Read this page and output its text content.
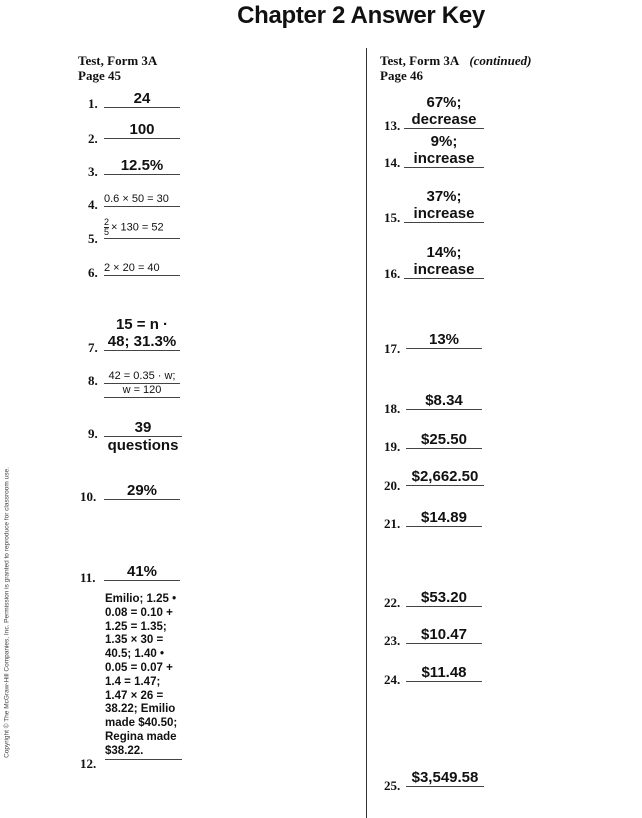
Chapter 2 Answer Key
Test, Form 3A
Page 45
Test, Form 3A (continued)
Page 46
Copyright © The McGraw-Hill Companies, Inc. Permission is granted to reproduce for classroom use.
1.	24
2.
100
3.	12.5%
4. 0.6 × 50 = 30
5.
$\frac{2}{5} \times 130 = 52$
6. 2 × 20 = 40
7.
15 = n ·
48; 31.3%
8. 42 = 0.35 · w;
w = 120
9.	39
questions
10.	29%
11.	41%
12.
Emilio; 1.25 •
0.08 = 0.10 +
1.25 = 1.35;
1.35 × 30 =
40.5; 1.40 •
0.05 = 0.07 +
1.4 = 1.47;
1.47 × 26 =
38.22; Emilio
made $40.50;
Regina made
$38.22.
13.
67%;
decrease
14.
9%;
increase
15.
37%;
increase
16.
14%;
increase
17.
13%
18.	$8.34
19.	$25.50
20.
$2,662.50
21.	$14.89
22.	$53.20
23.	$10.47
24.	$11.48
25. $3,549.58
